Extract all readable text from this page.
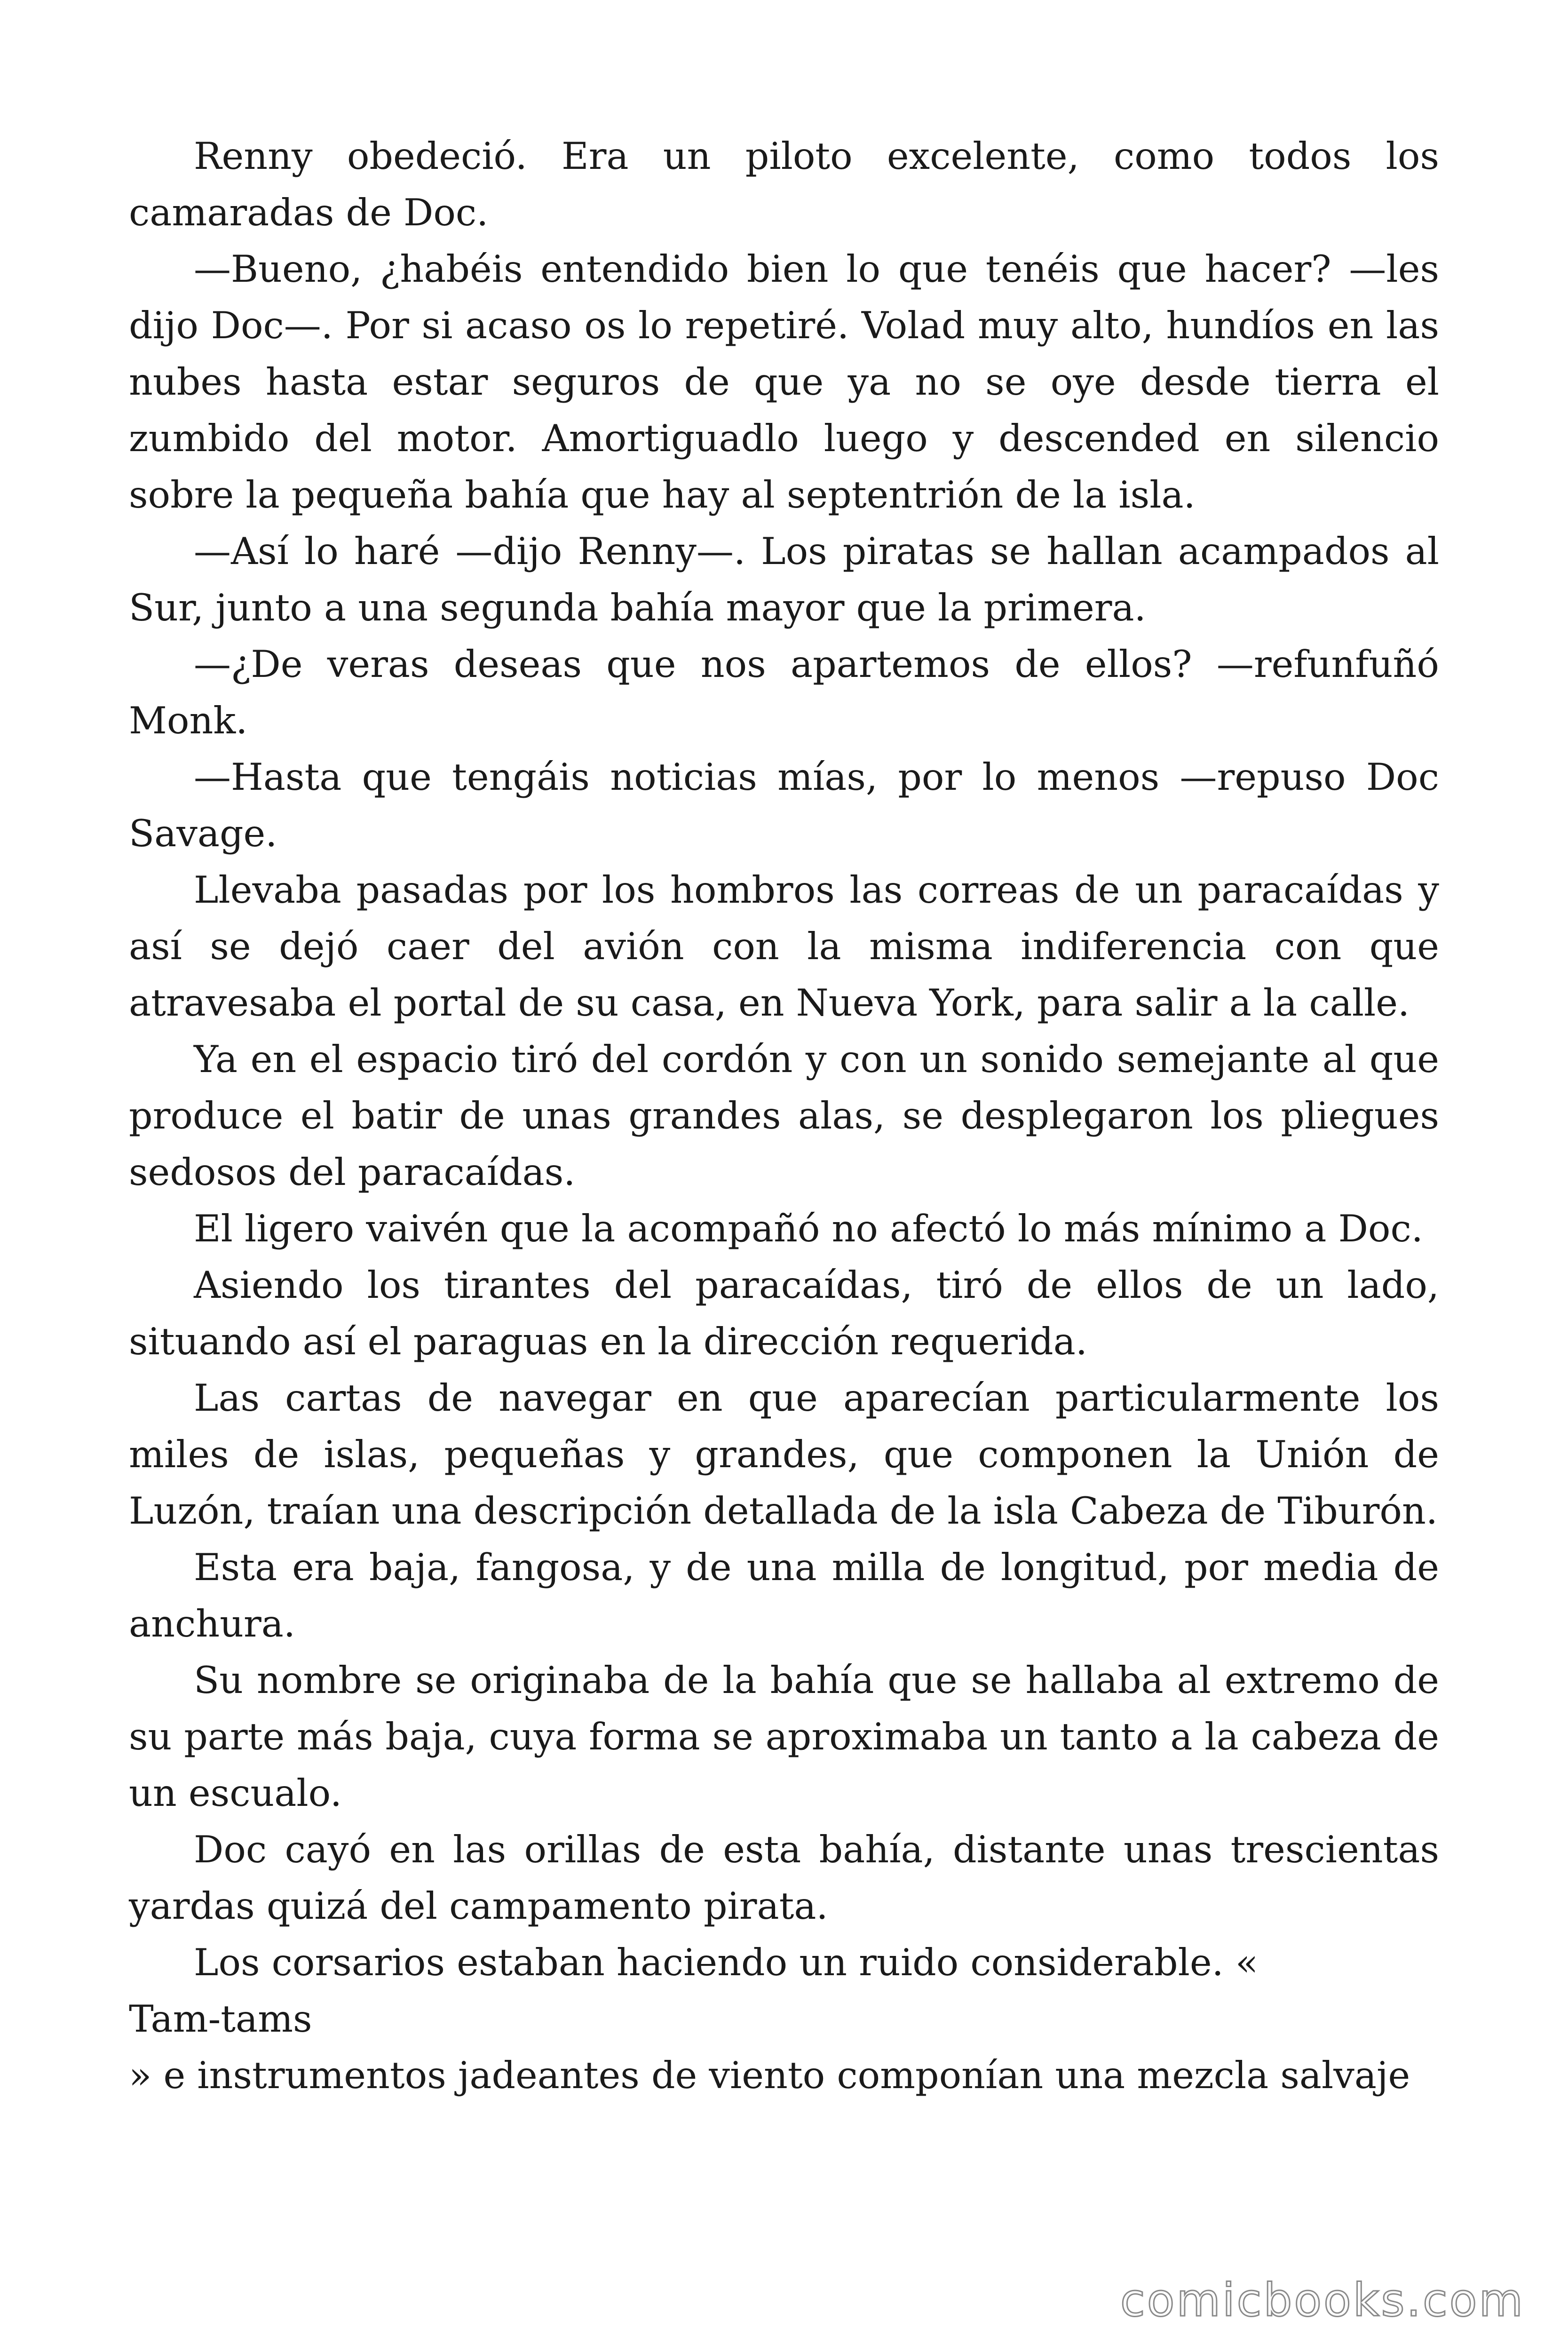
Renny obedeció. Era un piloto excelente, como todos los camaradas de Doc.

—Bueno, ¿habéis entendido bien lo que tenéis que hacer? —les dijo Doc—. Por si acaso os lo repetiré. Volad muy alto, hundíos en las nubes hasta estar seguros de que ya no se oye desde tierra el zumbido del motor. Amortiguadlo luego y descended en silencio sobre la pequeña bahía que hay al septentrión de la isla.

—Así lo haré —dijo Renny—. Los piratas se hallan acampados al Sur, junto a una segunda bahía mayor que la primera.

—¿De veras deseas que nos apartemos de ellos? —refunfuñó Monk.

—Hasta que tengáis noticias mías, por lo menos —repuso Doc Savage.

Llevaba pasadas por los hombros las correas de un paracaídas y así se dejó caer del avión con la misma indiferencia con que atravesaba el portal de su casa, en Nueva York, para salir a la calle.

Ya en el espacio tiró del cordón y con un sonido semejante al que produce el batir de unas grandes alas, se desplegaron los pliegues sedosos del paracaídas.

El ligero vaivén que la acompañó no afectó lo más mínimo a Doc.

Asiendo los tirantes del paracaídas, tiró de ellos de un lado, situando así el paraguas en la dirección requerida.

Las cartas de navegar en que aparecían particularmente los miles de islas, pequeñas y grandes, que componen la Unión de Luzón, traían una descripción detallada de la isla Cabeza de Tiburón.

Esta era baja, fangosa, y de una milla de longitud, por media de anchura.

Su nombre se originaba de la bahía que se hallaba al extremo de su parte más baja, cuya forma se aproximaba un tanto a la cabeza de un escualo.

Doc cayó en las orillas de esta bahía, distante unas trescientas yardas quizá del campamento pirata.

Los corsarios estaban haciendo un ruido considerable. «

Tam-tams

» e instrumentos jadeantes de viento componían una mezcla salvaje

comicbooks.com
